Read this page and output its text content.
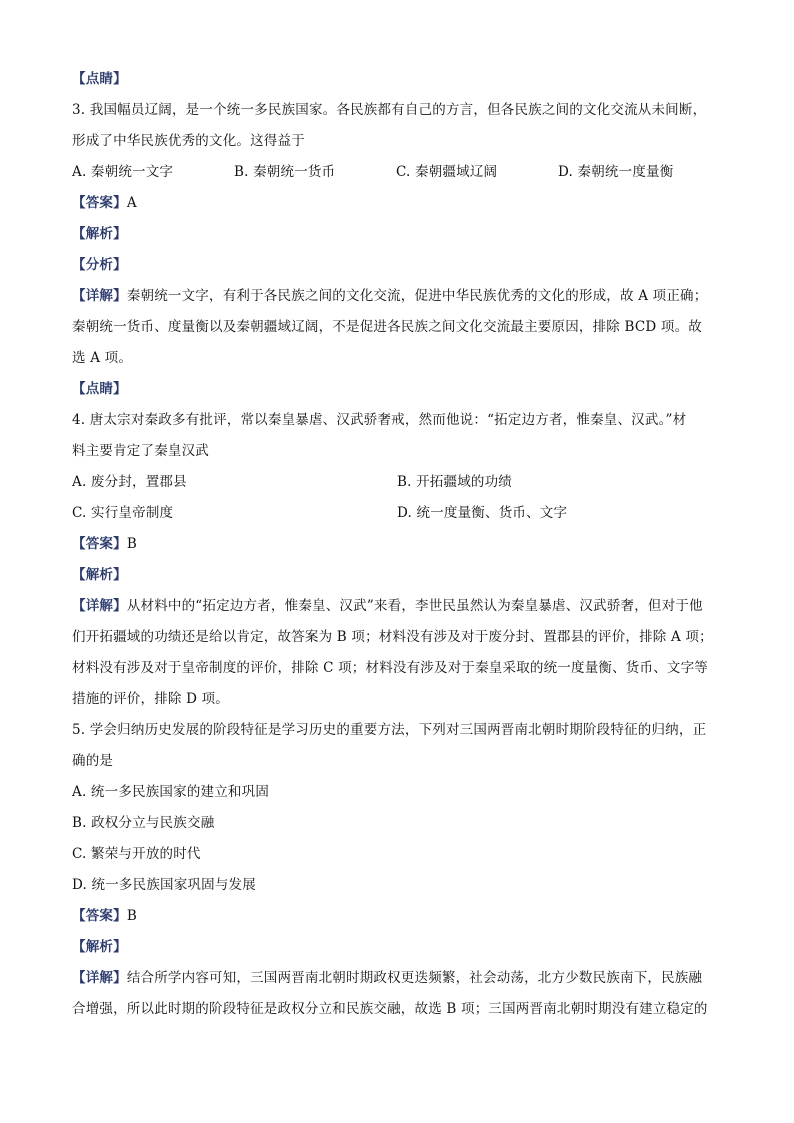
【点睛】
3. 我国幅员辽阔，是一个统一多民族国家。各民族都有自己的方言，但各民族之间的文化交流从未间断，
形成了中华民族优秀的文化。这得益于
A. 秦朝统一文字	B. 秦朝统一货币	C. 秦朝疆域辽阔	D. 秦朝统一度量衡
【答案】A
【解析】
【分析】
【详解】秦朝统一文字，有利于各民族之间的文化交流，促进中华民族优秀的文化的形成，故 A 项正确；
秦朝统一货币、度量衡以及秦朝疆域辽阔，不是促进各民族之间文化交流最主要原因，排除 BCD 项。故
选 A 项。
【点睛】
4. 唐太宗对秦政多有批评，常以秦皇暴虐、汉武骄奢戒，然而他说：“拓定边方者，惟秦皇、汉武。”材
料主要肯定了秦皇汉武
A. 废分封，置郡县	B. 开拓疆域的功绩
C. 实行皇帝制度	D. 统一度量衡、货币、文字
【答案】B
【解析】
【详解】从材料中的“拓定边方者，惟秦皇、汉武”来看，李世民虽然认为秦皇暴虐、汉武骄奢，但对于他
们开拓疆域的功绩还是给以肯定，故答案为 B 项；材料没有涉及对于废分封、置郡县的评价，排除 A 项；
材料没有涉及对于皇帝制度的评价，排除 C 项；材料没有涉及对于秦皇采取的统一度量衡、货币、文字等
措施的评价，排除 D 项。
5. 学会归纳历史发展的阶段特征是学习历史的重要方法，下列对三国两晋南北朝时期阶段特征的归纳，正
确的是
A. 统一多民族国家的建立和巩固
B. 政权分立与民族交融
C. 繁荣与开放的时代
D. 统一多民族国家巩固与发展
【答案】B
【解析】
【详解】结合所学内容可知，三国两晋南北朝时期政权更迭频繁，社会动荡，北方少数民族南下，民族融
合增强，所以此时期的阶段特征是政权分立和民族交融，故选 B 项；三国两晋南北朝时期没有建立稳定的
